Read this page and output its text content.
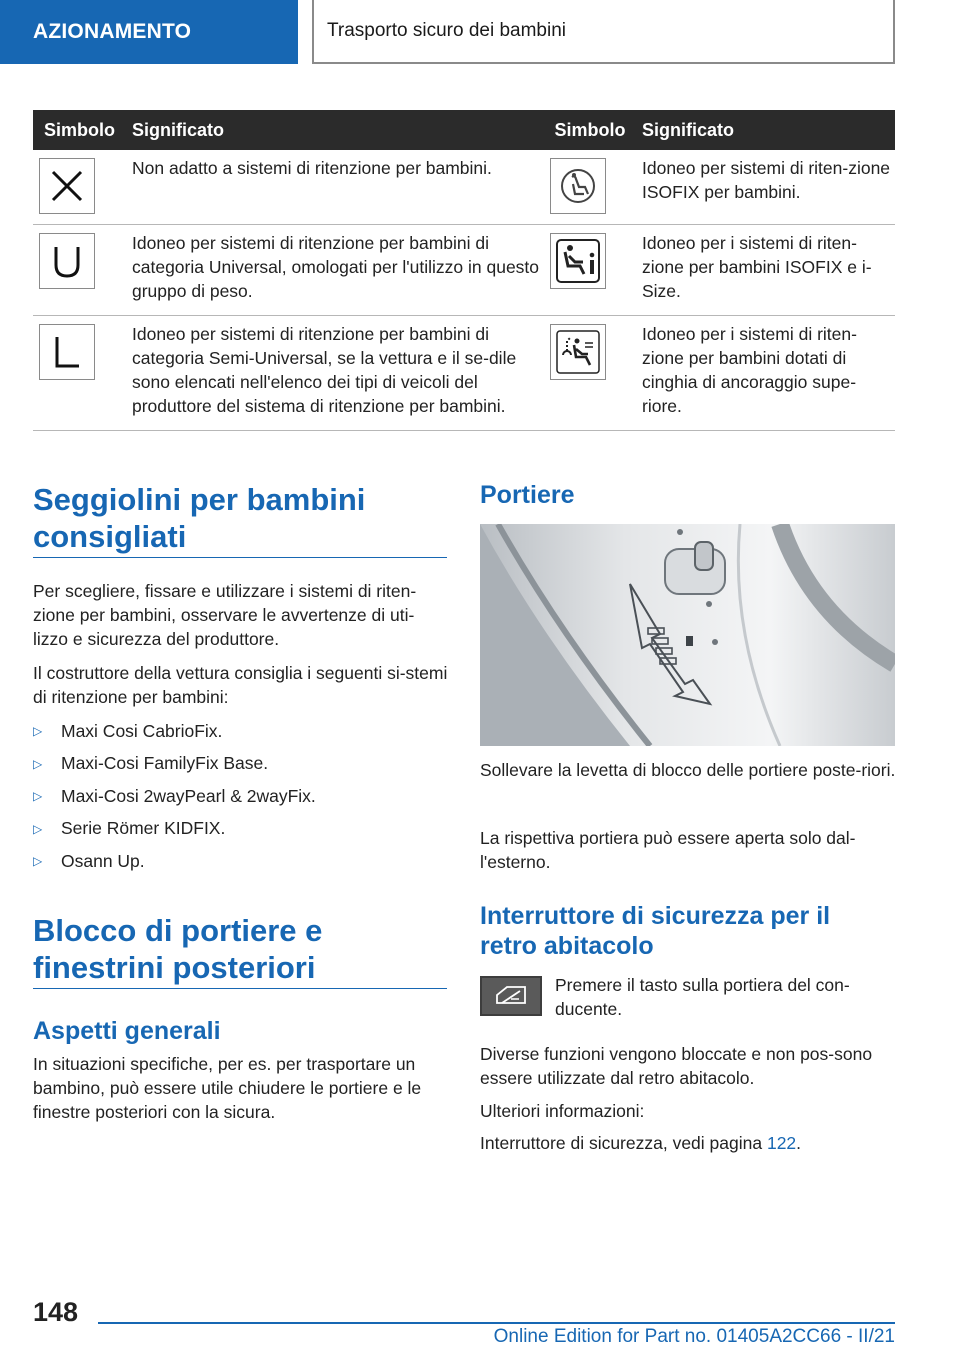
AZIONAMENTO	Trasporto sicuro dei bambini
Simbolo	Significato	Simbolo	Significato

	Non adatto a sistemi di ritenzione per bambini.		Idoneo per sistemi di riten-zione ISOFIX per bambini.

	Idoneo per sistemi di ritenzione per bambini di categoria Universal, omologati per l'utilizzo in questo gruppo di peso.		Idoneo per i sistemi di riten-zione per bambini ISOFIX e i-Size.

	Idoneo per sistemi di ritenzione per bambini di categoria Semi-Universal, se la vettura e il se-dile sono elencati nell'elenco dei tipi di veicoli del produttore del sistema di ritenzione per bambini.		Idoneo per i sistemi di riten-zione per bambini dotati di cinghia di ancoraggio supe-riore.
Seggiolini per bambini
consigliati
Per scegliere, fissare e utilizzare i sistemi di riten-zione per bambini, osservare le avvertenze di uti-lizzo e sicurezza del produttore.
Il costruttore della vettura consiglia i seguenti si-stemi di ritenzione per bambini:
▷	Maxi Cosi CabrioFix.
▷	Maxi-Cosi FamilyFix Base.
▷	Maxi-Cosi 2wayPearl & 2wayFix.
▷	Serie Römer KIDFIX.
▷	Osann Up.
Blocco di portiere e
finestrini posteriori
Aspetti generali
In situazioni specifiche, per es. per trasportare un bambino, può essere utile chiudere le portiere e le finestre posteriori con la sicura.
Portiere
Sollevare la levetta di blocco delle portiere poste-riori.
La rispettiva portiera può essere aperta solo dal-l'esterno.
Interruttore di sicurezza per il
retro abitacolo
Premere il tasto sulla portiera del con-ducente.
Diverse funzioni vengono bloccate e non pos-sono essere utilizzate dal retro abitacolo.
Ulteriori informazioni:
Interruttore di sicurezza, vedi pagina 122.
148
Online Edition for Part no. 01405A2CC66 - II/21
